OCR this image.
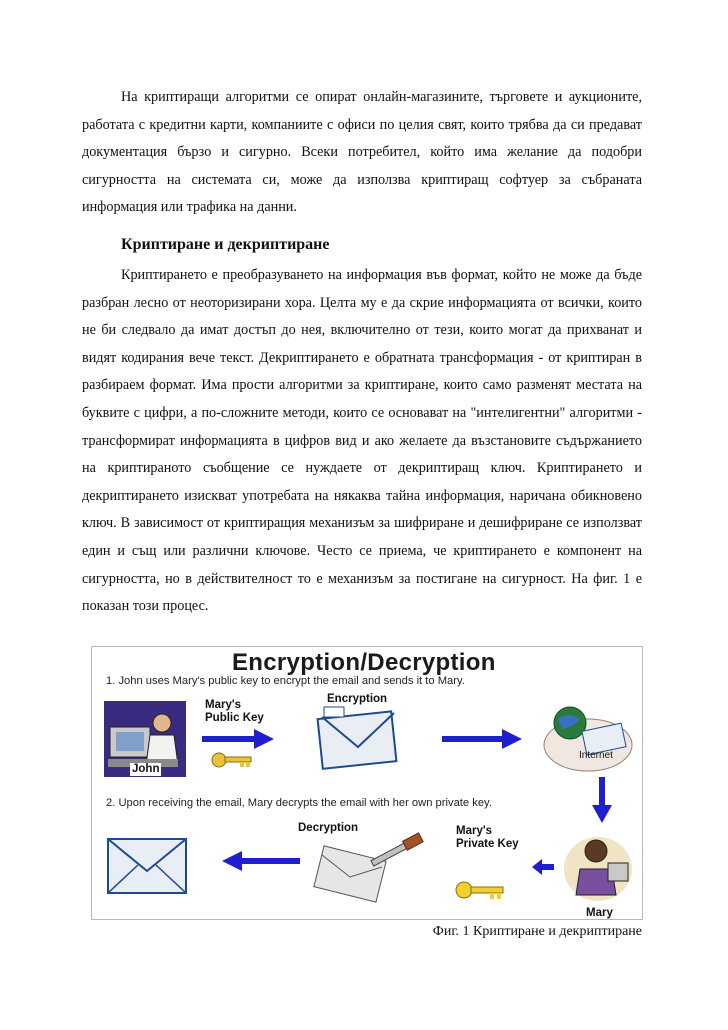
На криптиращи алгоритми се опират онлайн-магазините, търговете и аукционите, работата с кредитни карти, компаниите с офиси по целия свят, които трябва да си предават документация бързо и сигурно. Всеки потребител, който има желание да подобри сигурността на системата си, може да използва криптиращ софтуер за събраната информация или трафика на данни.

Криптиране и декриптиране

Криптирането е преобразуването на информация във формат, който не може да бъде разбран лесно от неоторизирани хора. Целта му е да скрие информацията от всички, които не би следвало да имат достъп до нея, включително от тези, които могат да прихванат и видят кодирания вече текст. Декриптирането е обратната трансформация - от криптиран в разбираем формат. Има прости алгоритми за криптиране, които само разменят местата на буквите с цифри, а по-сложните методи, които се основават на "интелигентни" алгоритми - трансформират информацията в цифров вид и ако желаете да възстановите съдържанието на криптираното съобщение се нуждаете от декриптиращ ключ. Криптирането и декриптирането изискват употребата на някаква тайна информация, наричана обикновено ключ. В зависимост от криптиращия механизъм за шифриране и дешифриране се използват един и същ или различни ключове. Често се приема, че криптирането е компонент на сигурността, но в действителност то е механизъм за постигане на сигурност. На фиг. 1 е показан този процес.

Encryption/Decryption
1. John uses Mary's public key to encrypt the email and sends it to Mary.
2. Upon receiving the email, Mary decrypts the email with her own private key.
John
Mary's
Public Key
Encryption
Internet
Mary's
Private Key
Mary
Decryption

Фиг. 1 Криптиране и декриптиране
